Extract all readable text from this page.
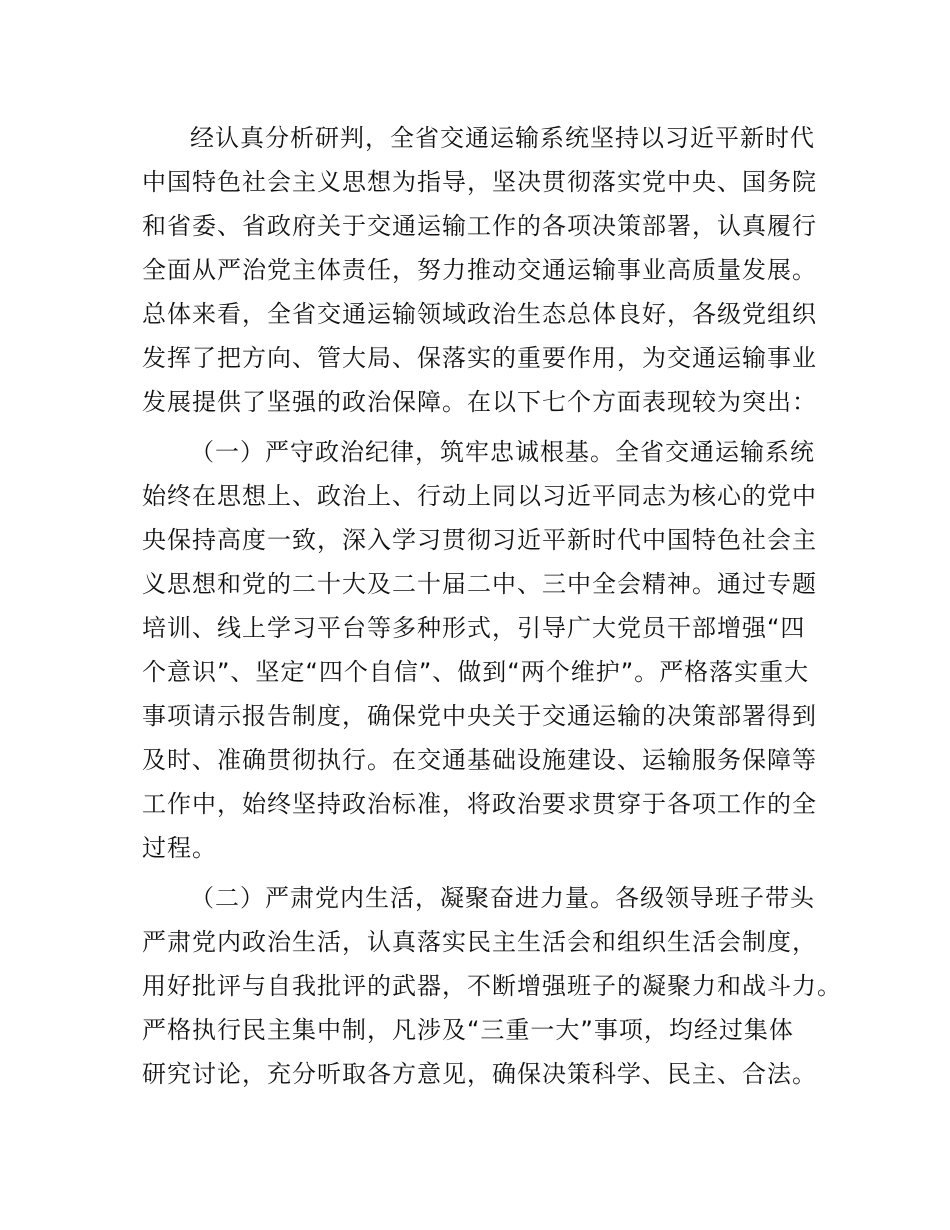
经认真分析研判，全省交通运输系统坚持以习近平新时代
中国特色社会主义思想为指导，坚决贯彻落实党中央、国务院
和省委、省政府关于交通运输工作的各项决策部署，认真履行
全面从严治党主体责任，努力推动交通运输事业高质量发展。
总体来看，全省交通运输领域政治生态总体良好，各级党组织
发挥了把方向、管大局、保落实的重要作用，为交通运输事业
发展提供了坚强的政治保障。在以下七个方面表现较为突出：
（一）严守政治纪律，筑牢忠诚根基。全省交通运输系统
始终在思想上、政治上、行动上同以习近平同志为核心的党中
央保持高度一致，深入学习贯彻习近平新时代中国特色社会主
义思想和党的二十大及二十届二中、三中全会精神。通过专题
培训、线上学习平台等多种形式，引导广大党员干部增强“四
个意识”、坚定“四个自信”、做到“两个维护”。严格落实重大
事项请示报告制度，确保党中央关于交通运输的决策部署得到
及时、准确贯彻执行。在交通基础设施建设、运输服务保障等
工作中，始终坚持政治标准，将政治要求贯穿于各项工作的全
过程。
（二）严肃党内生活，凝聚奋进力量。各级领导班子带头
严肃党内政治生活，认真落实民主生活会和组织生活会制度，
用好批评与自我批评的武器，不断增强班子的凝聚力和战斗力。
严格执行民主集中制，凡涉及“三重一大”事项，均经过集体
研究讨论，充分听取各方意见，确保决策科学、民主、合法。
